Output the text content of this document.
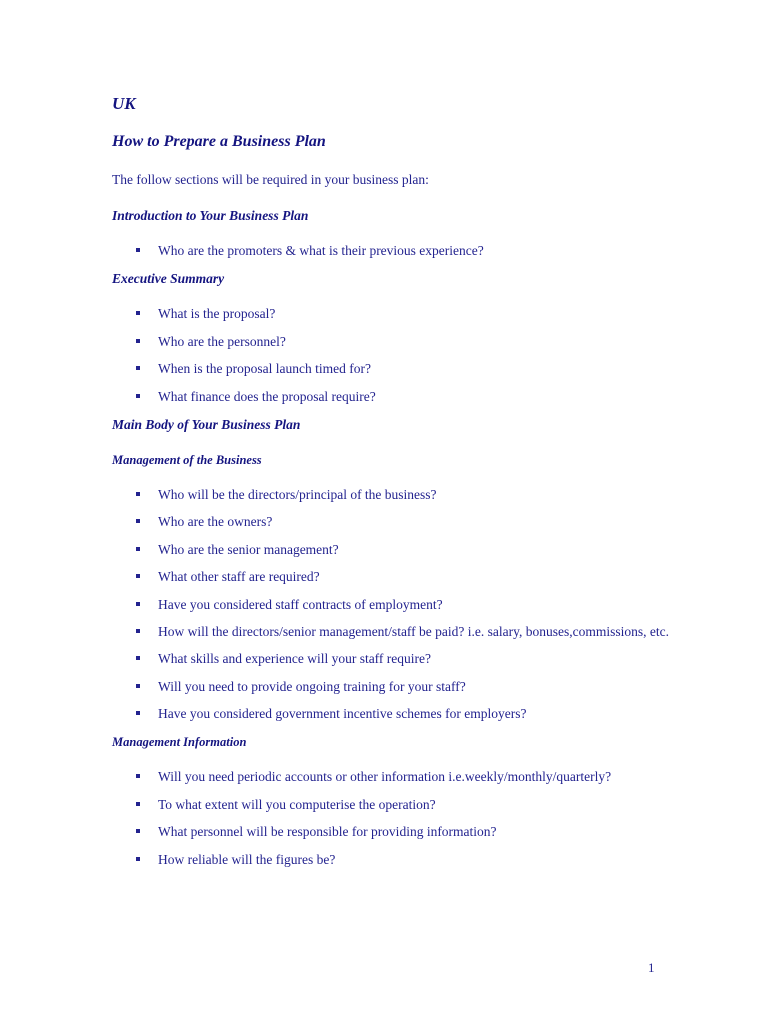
UK
How to Prepare a Business Plan
The follow sections will be required in your business plan:
Introduction to Your Business Plan
Who are the promoters & what is their previous experience?
Executive Summary
What is the proposal?
Who are the personnel?
When is the proposal launch timed for?
What finance does the proposal require?
Main Body of Your Business Plan
Management of the Business
Who will be the directors/principal of the business?
Who are the owners?
Who are the senior management?
What other staff are required?
Have you considered staff contracts of employment?
How will the directors/senior management/staff be paid? i.e. salary, bonuses,commissions, etc.
What skills and experience will your staff require?
Will you need to provide ongoing training for your staff?
Have you considered government incentive schemes for employers?
Management Information
Will you need periodic accounts or other information i.e.weekly/monthly/quarterly?
To what extent will you computerise the operation?
What personnel will be responsible for providing information?
How reliable will the figures be?
1
